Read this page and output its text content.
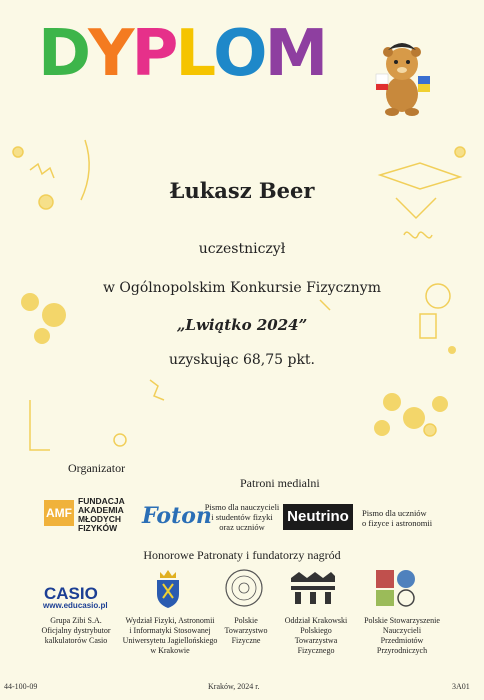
DYPLOM
Łukasz Beer
uczestniczył
w Ogólnopolskim Konkursie Fizycznym
„Lwiątko 2024”
uzyskując 68,75 pkt.
Organizator
AMF
FUNDACJA
AKADEMIA
MŁODYCH
FIZYKÓW
Patroni medialni
Foton
Pismo dla nauczycieli
i studentów fizyki
oraz uczniów
Neutrino	Pismo dla uczniów
o fizyce i astronomii
Honorowe Patronaty i fundatorzy nagród
CASIO
www.educasio.pl
Grupa Zibi S.A.
Oficjalny dystrybutor
kalkulatorów Casio
Wydział Fizyki, Astronomii
i Informatyki Stosowanej
Uniwersytetu Jagiellońskiego
w Krakowie
Polskie
Towarzystwo
Fizyczne
Oddział Krakowski
Polskiego
Towarzystwa
Fizycznego
Polskie Stowarzyszenie
Nauczycieli
Przedmiotów
Przyrodniczych
44-100-09	Kraków, 2024 r.	3A01
